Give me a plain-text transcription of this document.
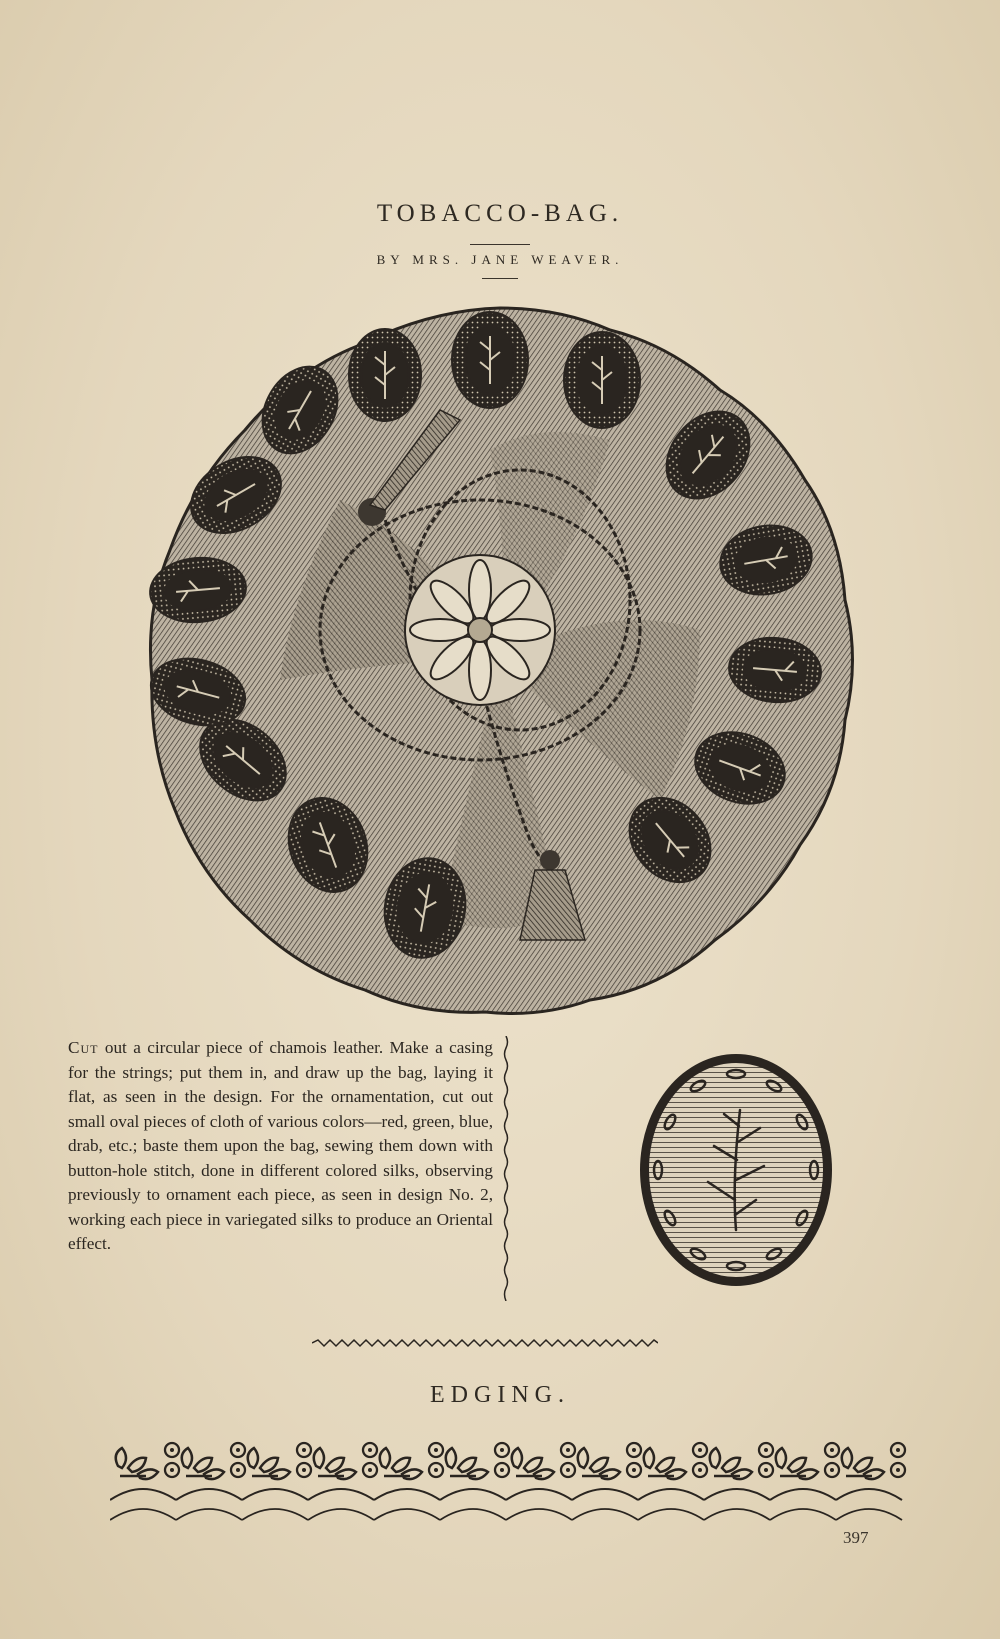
TOBACCO-BAG.
BY MRS. JANE WEAVER.
Cut out a circular piece of chamois leather. Make a casing for the strings; put them in, and draw up the bag, laying it flat, as seen in the design. For the ornamentation, cut out small oval pieces of cloth of various colors—red, green, blue, drab, etc.; baste them upon the bag, sewing them down with button-hole stitch, done in different colored silks, observing previously to ornament each piece, as seen in design No. 2, working each piece in variegated silks to produce an Oriental effect.
EDGING.
397
